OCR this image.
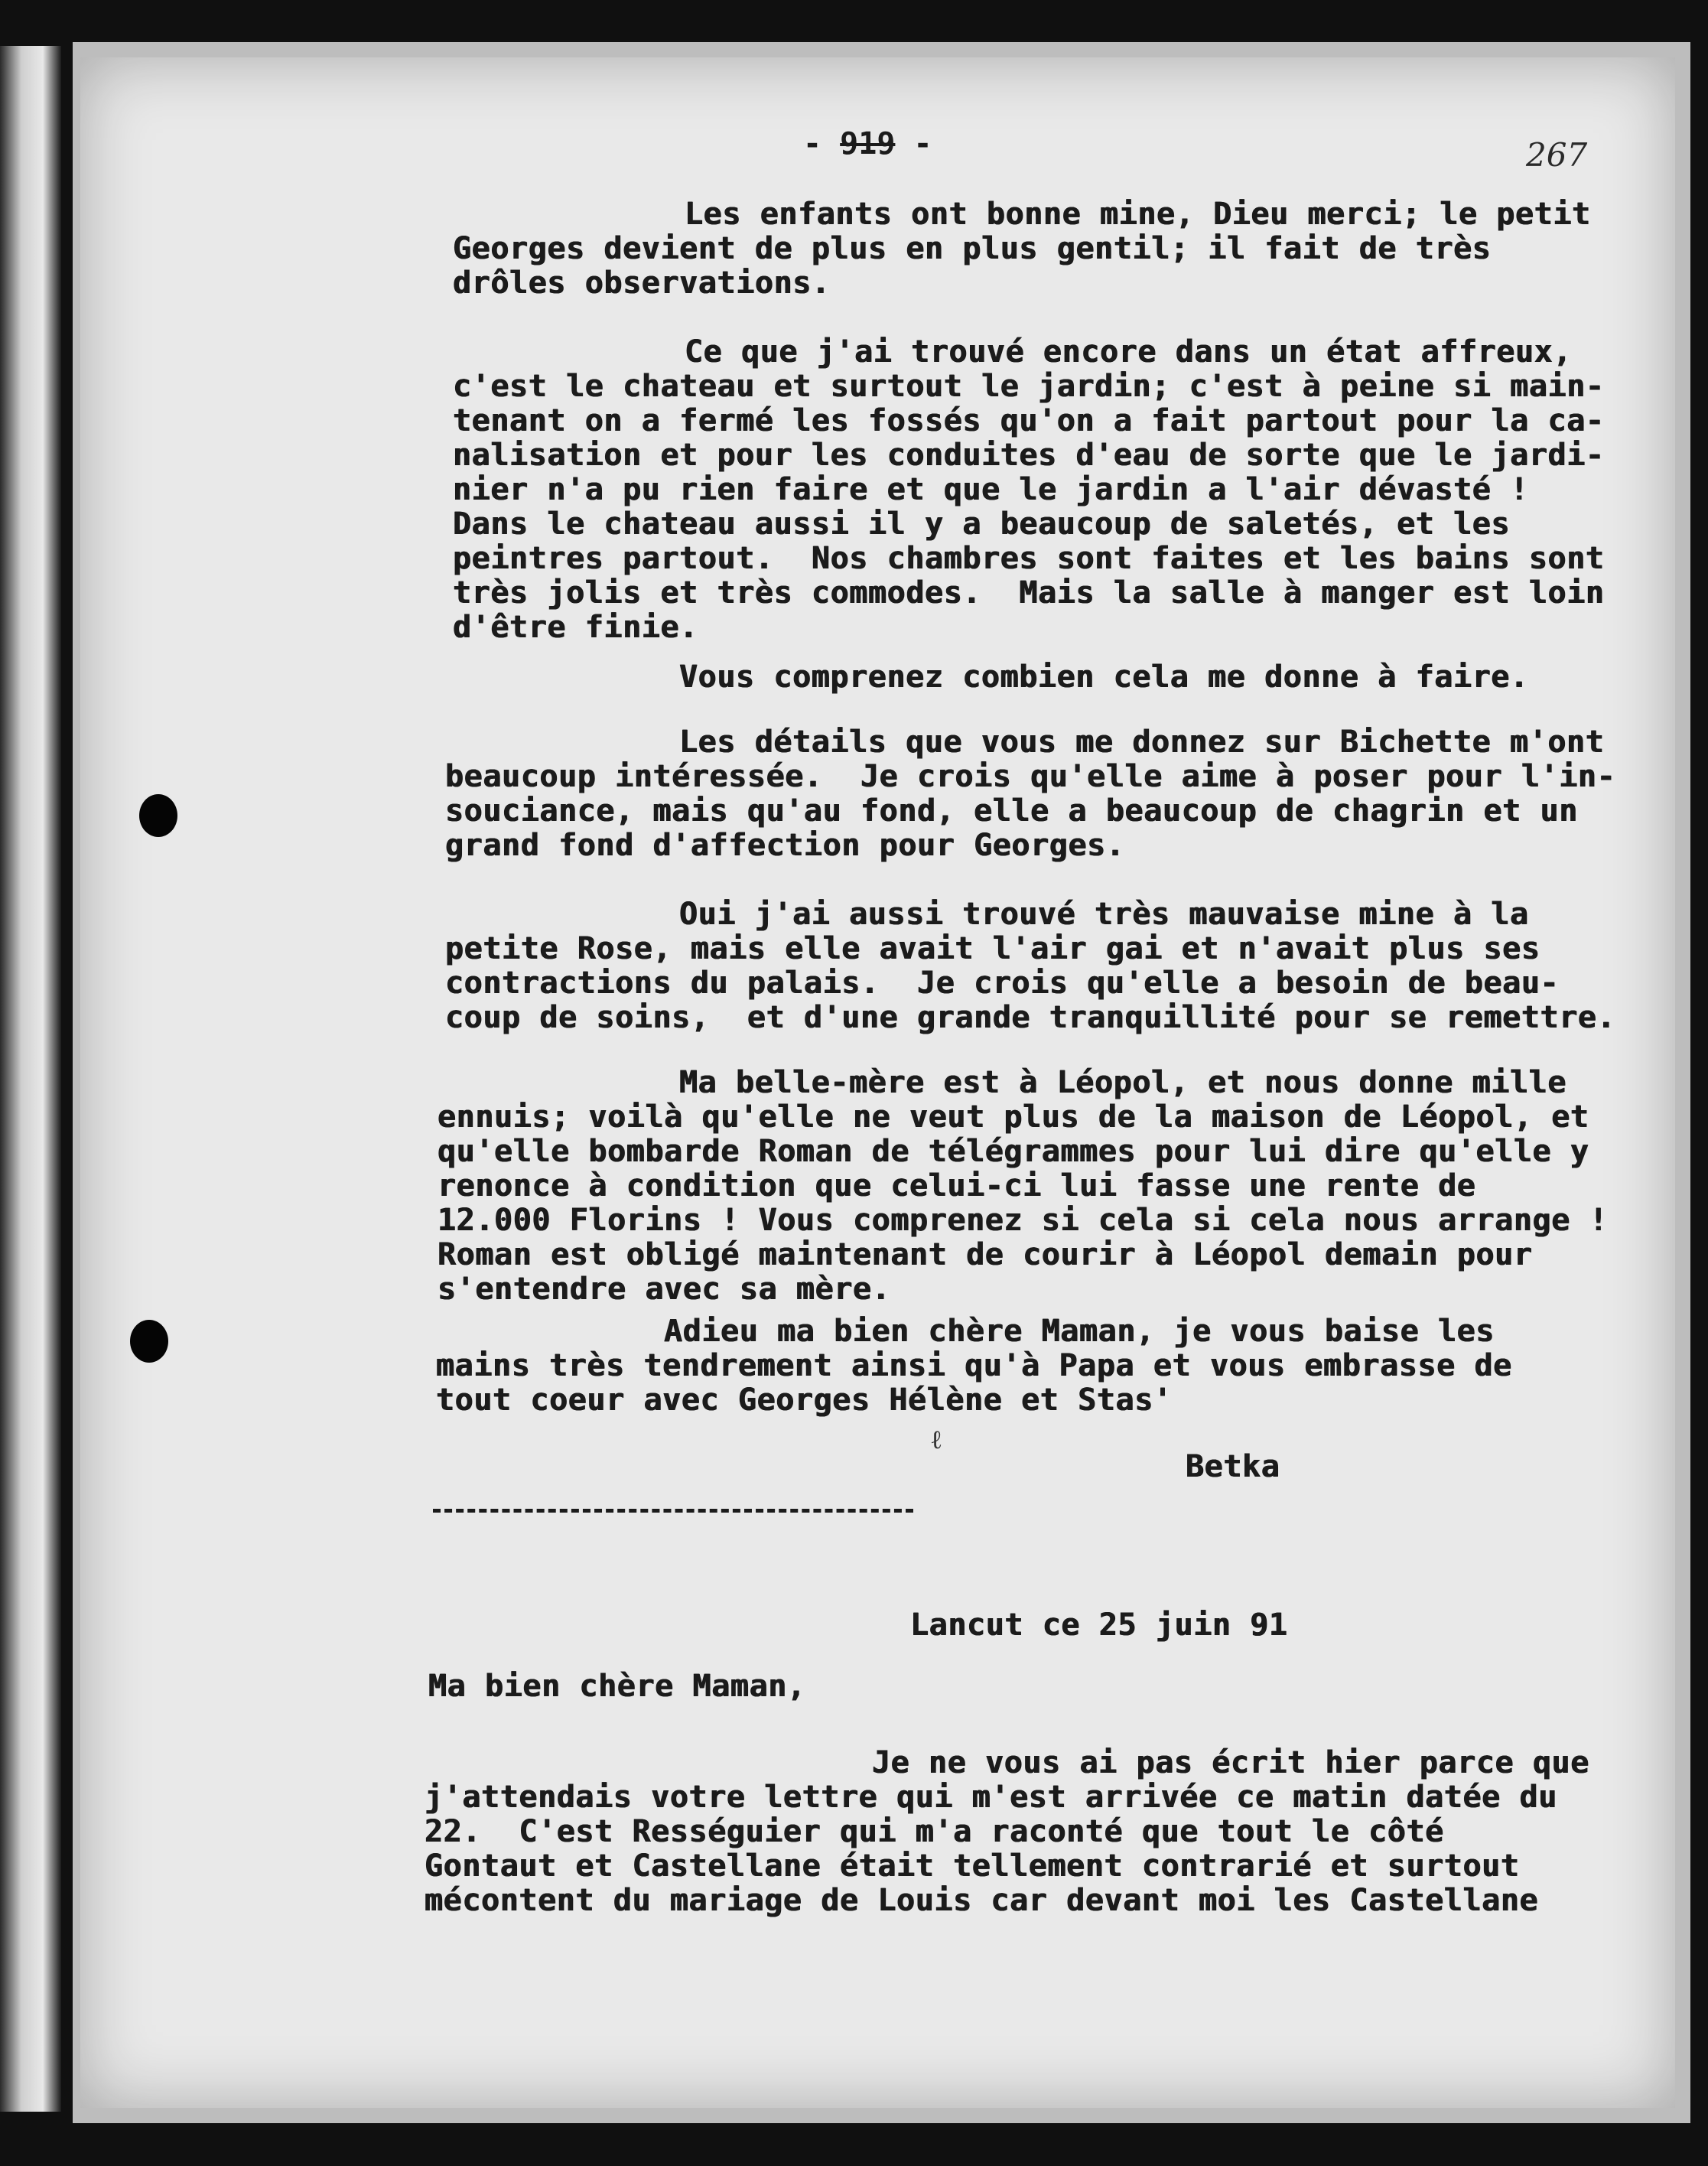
- 919 -	267
Les enfants ont bonne mine, Dieu merci; le petit
Georges devient de plus en plus gentil; il fait de très
drôles observations.
Ce que j'ai trouvé encore dans un état affreux,
c'est le chateau et surtout le jardin; c'est à peine si main-
tenant on a fermé les fossés qu'on a fait partout pour la ca-
nalisation et pour les conduites d'eau de sorte que le jardi-
nier n'a pu rien faire et que le jardin a l'air dévasté !
Dans le chateau aussi il y a beaucoup de saletés, et les
peintres partout.  Nos chambres sont faites et les bains sont
très jolis et très commodes.  Mais la salle à manger est loin
d'être finie.
Vous comprenez combien cela me donne à faire.
Les détails que vous me donnez sur Bichette m'ont
beaucoup intéressée.  Je crois qu'elle aime à poser pour l'in-
souciance, mais qu'au fond, elle a beaucoup de chagrin et un
grand fond d'affection pour Georges.
Oui j'ai aussi trouvé très mauvaise mine à la
petite Rose, mais elle avait l'air gai et n'avait plus ses
contractions du palais.  Je crois qu'elle a besoin de beau-
coup de soins,  et d'une grande tranquillité pour se remettre.
Ma belle-mère est à Léopol, et nous donne mille
ennuis; voilà qu'elle ne veut plus de la maison de Léopol, et
qu'elle bombarde Roman de télégrammes pour lui dire qu'elle y
renonce à condition que celui-ci lui fasse une rente de
12.000 Florins ! Vous comprenez si cela si cela nous arrange !
Roman est obligé maintenant de courir à Léopol demain pour
s'entendre avec sa mère.
Adieu ma bien chère Maman, je vous baise les
mains très tendrement ainsi qu'à Papa et vous embrasse de
tout coeur avec Georges Hélène et Stas'
ℓ
Betka
Lancut ce 25 juin 91
Ma bien chère Maman,
Je ne vous ai pas écrit hier parce que
j'attendais votre lettre qui m'est arrivée ce matin datée du
22.  C'est Rességuier qui m'a raconté que tout le côté
Gontaut et Castellane était tellement contrarié et surtout
mécontent du mariage de Louis car devant moi les Castellane
